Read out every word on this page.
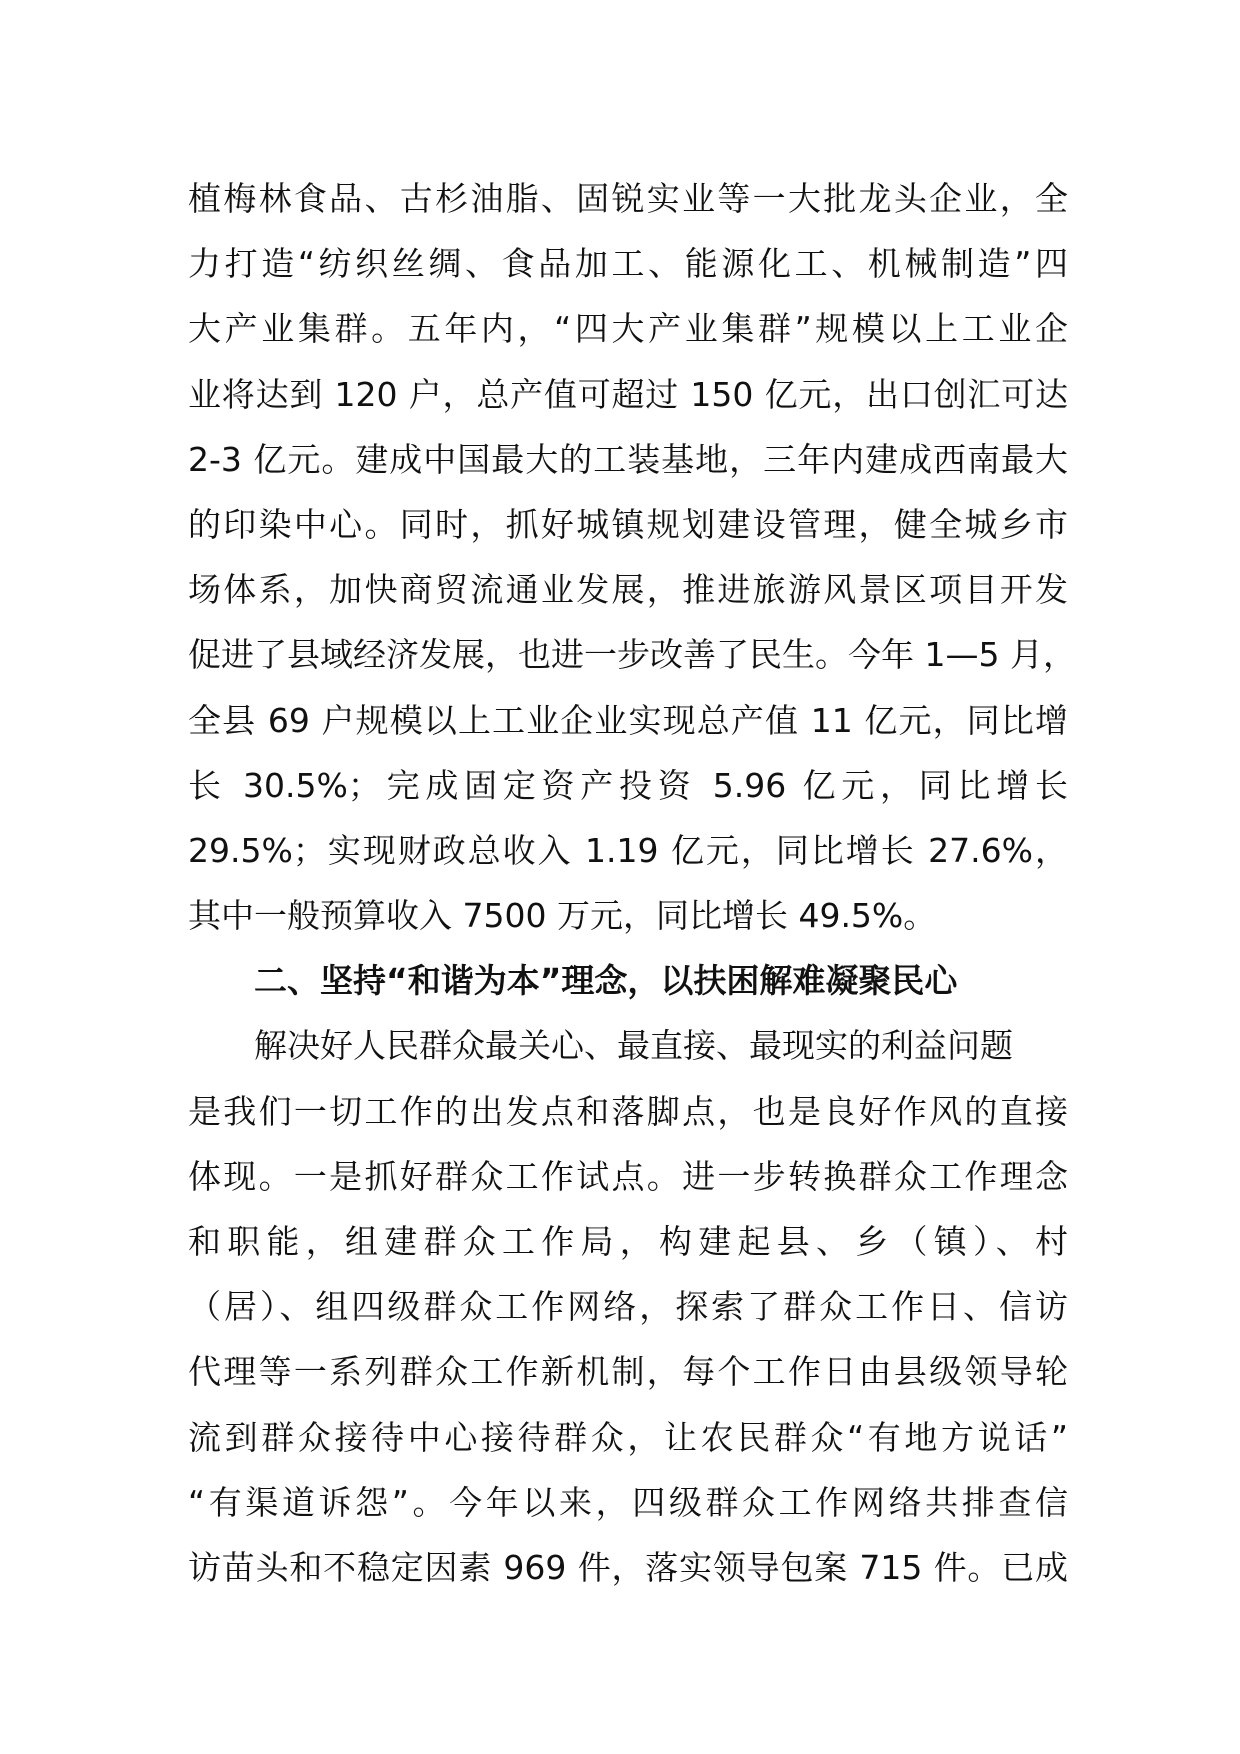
植梅林食品、古杉油脂、固锐实业等一大批龙头企业，全
力打造“纺织丝绸、食品加工、能源化工、机械制造”四
大产业集群。五年内，“四大产业集群”规模以上工业企
业将达到 120 户，总产值可超过 150 亿元，出口创汇可达
2-3 亿元。建成中国最大的工装基地，三年内建成西南最大
的印染中心。同时，抓好城镇规划建设管理，健全城乡市
场体系，加快商贸流通业发展，推进旅游风景区项目开发
促进了县域经济发展，也进一步改善了民生。今年 1—5 月，
全县 69 户规模以上工业企业实现总产值 11 亿元，同比增
长 30.5%；完成固定资产投资 5.96 亿元，同比增长
29.5%；实现财政总收入 1.19 亿元，同比增长 27.6%，
其中一般预算收入 7500 万元，同比增长 49.5%。
二、坚持“和谐为本”理念，以扶困解难凝聚民心
解决好人民群众最关心、最直接、最现实的利益问题
是我们一切工作的出发点和落脚点，也是良好作风的直接
体现。一是抓好群众工作试点。进一步转换群众工作理念
和职能，组建群众工作局，构建起县、乡（镇）、村
（居）、组四级群众工作网络，探索了群众工作日、信访
代理等一系列群众工作新机制，每个工作日由县级领导轮
流到群众接待中心接待群众，让农民群众“有地方说话”
“有渠道诉怨”。今年以来，四级群众工作网络共排查信
访苗头和不稳定因素 969 件，落实领导包案 715 件。已成
